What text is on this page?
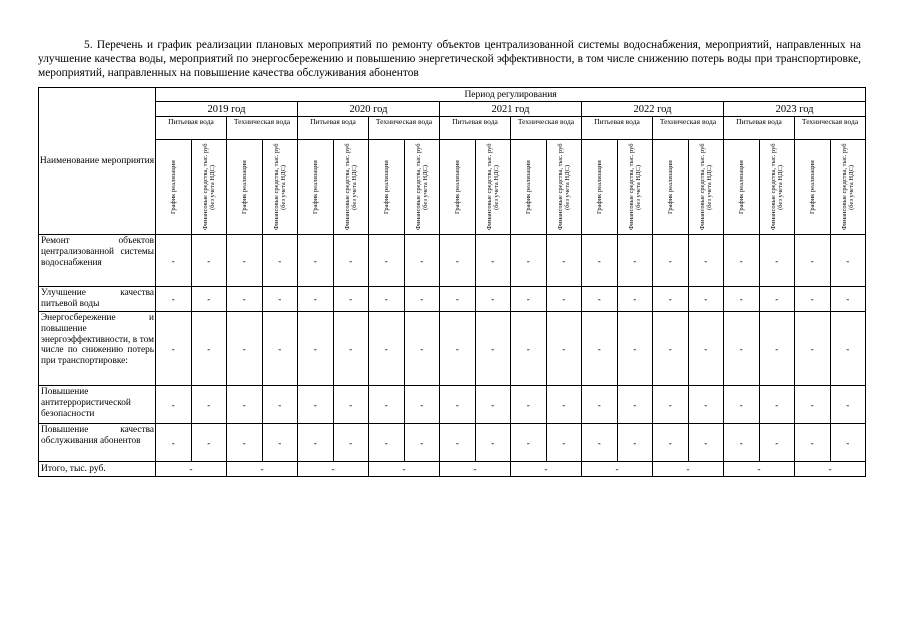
5. Перечень и график реализации плановых мероприятий по ремонту объектов централизованной системы водоснабжения, мероприятий, направленных на улучшение качества воды, мероприятий по энергосбережению и повышению энергетической эффективности, в том числе снижению потерь воды при транспортировке, мероприятий, направленных на повышение качества обслуживания абонентов
Наименование мероприятия	Период регулирования																			
	2019 год				2020 год				2021 год				2022 год				2023 год			
	Питьевая вода		Техническая вода		Питьевая вода		Техническая вода		Питьевая вода		Техническая вода		Питьевая вода		Техническая вода		Питьевая вода		Техническая вода	

	График реализации	Финансовые средства, тыс. руб (без учета НДС)	График реализации	Финансовые средства, тыс. руб (без учета НДС)	График реализации	Финансовые средства, тыс. руб (без учета НДС)	График реализации	Финансовые средства, тыс. руб (без учета НДС)	График реализации	Финансовые средства, тыс. руб (без учета НДС)	График реализации	Финансовые средства, тыс. руб (без учета НДС)	График реализации	Финансовые средства, тыс. руб (без учета НДС)	График реализации	Финансовые средства, тыс. руб (без учета НДС)	График реализации	Финансовые средства, тыс. руб (без учета НДС)	График реализации	Финансовые средства, тыс. руб (без учета НДС)

Ремонт объектов централизованной системы водоснабжения	-	-	-	-	-	-	-	-	-	-	-	-	-	-	-	-	-	-	-	-
Улучшение качества питьевой воды	-	-	-	-	-	-	-	-	-	-	-	-	-	-	-	-	-	-	-	-
Энергосбережение и повышение энергоэффективности, в том числе по снижению потерь при транспортировке:	-	-	-	-	-	-	-	-	-	-	-	-	-	-	-	-	-	-	-	-
Повышение антитеррористической безопасности	-	-	-	-	-	-	-	-	-	-	-	-	-	-	-	-	-	-	-	-
Повышение качества обслуживания абонентов	-	-	-	-	-	-	-	-	-	-	-	-	-	-	-	-	-	-	-	-
Итого, тыс. руб.	-		-		-		-		-		-		-		-		-		-	
